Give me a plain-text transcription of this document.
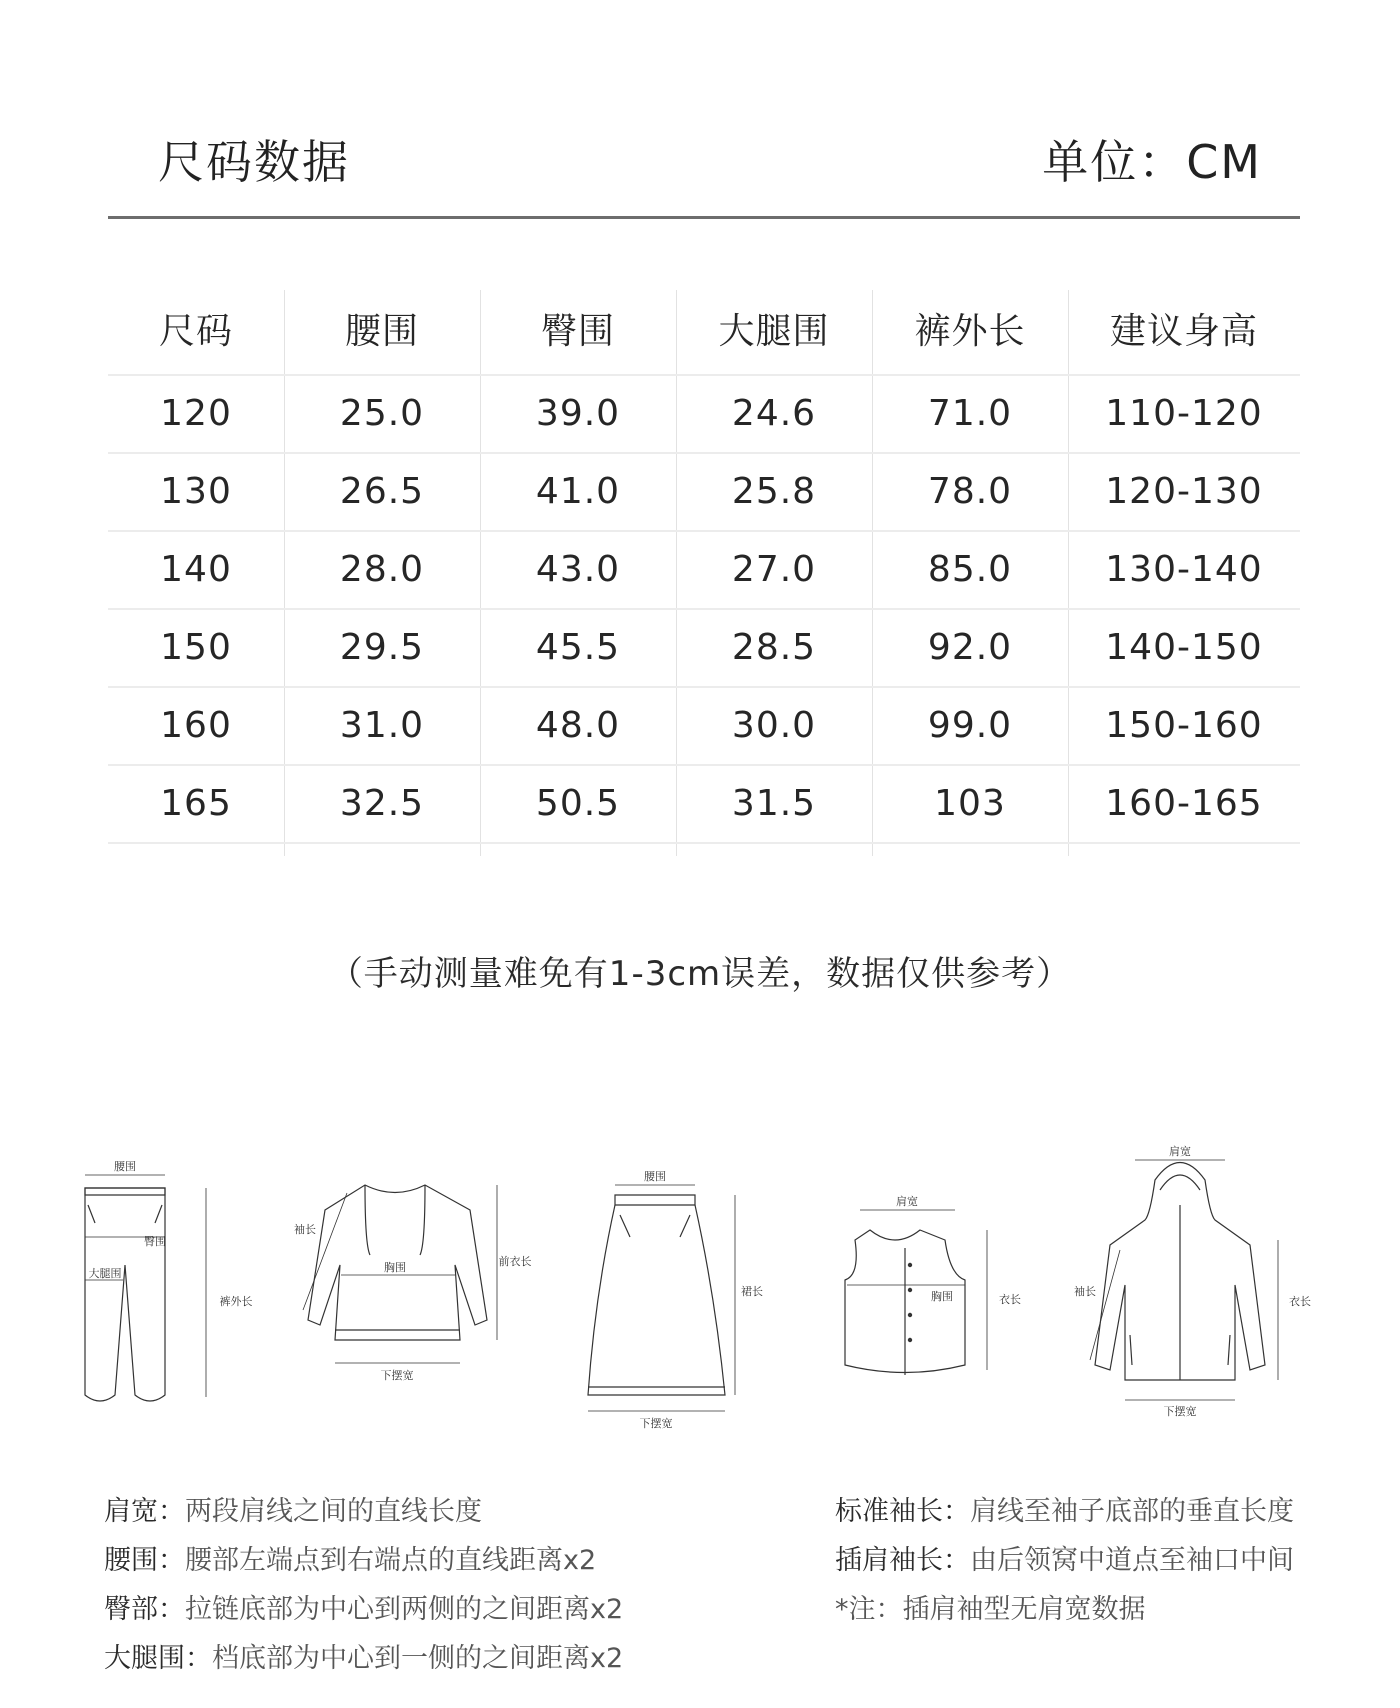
尺码数据	单位：CM
尺码	腰围	臀围	大腿围	裤外长	建议身高
120	25.0	39.0	24.6	71.0	110-120
130	26.5	41.0	25.8	78.0	120-130
140	28.0	43.0	27.0	85.0	130-140
150	29.5	45.5	28.5	92.0	140-150
160	31.0	48.0	30.0	99.0	150-160
165	32.5	50.5	31.5	103	160-165
（手动测量难免有1-3cm误差，数据仅供参考）
腰围
臀围
大腿围
裤外长
袖长
胸围	前衣长
下摆宽
腰围
裙长
下摆宽
肩宽
胸围	衣长
肩宽
袖长
衣长
下摆宽
肩宽：两段肩线之间的直线长度
腰围：腰部左端点到右端点的直线距离x2
臀部：拉链底部为中心到两侧的之间距离x2
大腿围：档底部为中心到一侧的之间距离x2
标准袖长：肩线至袖子底部的垂直长度
插肩袖长：由后领窝中道点至袖口中间
*注：插肩袖型无肩宽数据
